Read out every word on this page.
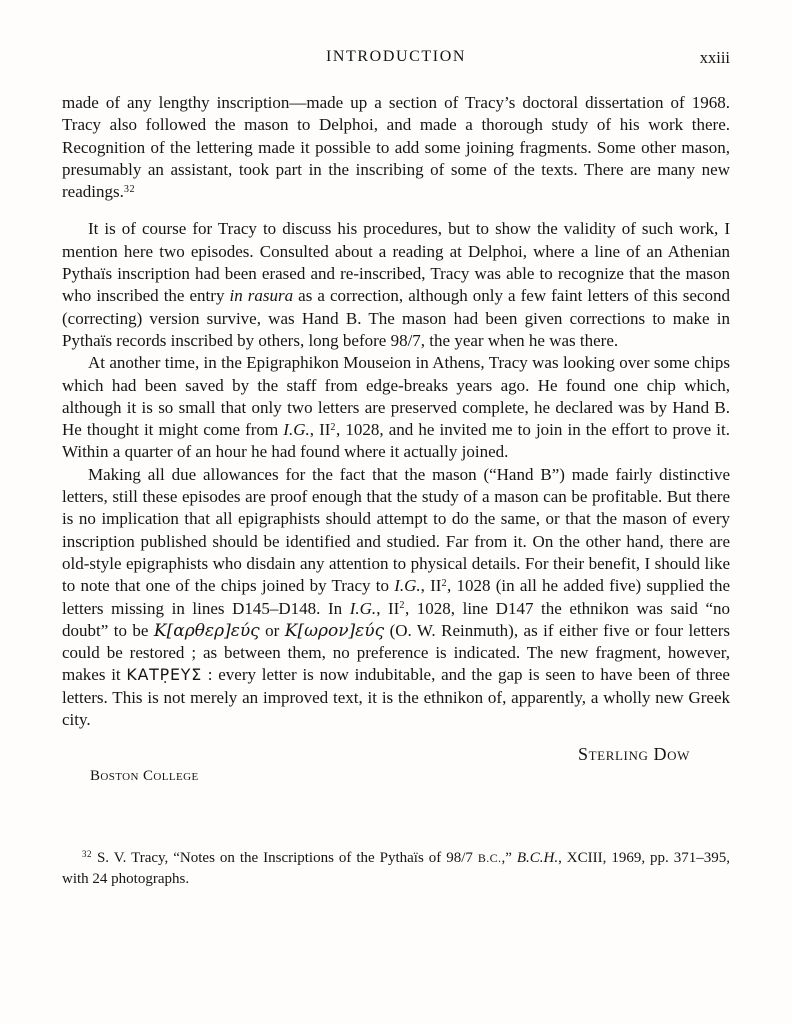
INTRODUCTION	xxiii

made of any lengthy inscription—made up a section of Tracy’s doctoral dissertation of 1968. Tracy also followed the mason to Delphoi, and made a thorough study of his work there. Recognition of the lettering made it possible to add some joining fragments. Some other mason, presumably an assistant, took part in the inscribing of some of the texts. There are many new readings.$^{32}$

It is of course for Tracy to discuss his procedures, but to show the validity of such work, I mention here two episodes. Consulted about a reading at Delphoi, where a line of an Athenian Pythaïs inscription had been erased and re-inscribed, Tracy was able to recognize that the mason who inscribed the entry in rasura as a correction, although only a few faint letters of this second (correcting) version survive, was Hand B. The mason had been given corrections to make in Pythaïs records inscribed by others, long before 98/7, the year when he was there.

At another time, in the Epigraphikon Mouseion in Athens, Tracy was looking over some chips which had been saved by the staff from edge-breaks years ago. He found one chip which, although it is so small that only two letters are preserved complete, he declared was by Hand B. He thought it might come from I.G., $II^2$, 1028, and he invited me to join in the effort to prove it. Within a quarter of an hour he had found where it actually joined.

Making all due allowances for the fact that the mason (“Hand B”) made fairly distinctive letters, still these episodes are proof enough that the study of a mason can be profitable. But there is no implication that all epigraphists should attempt to do the same, or that the mason of every inscription published should be identified and studied. Far from it. On the other hand, there are old-style epigraphists who disdain any attention to physical details. For their benefit, I should like to note that one of the chips joined by Tracy to I.G., $II^2$, 1028 (in all he added five) supplied the letters missing in lines D145–D148. In I.G., $II^2$, 1028, line D147 the ethnikon was said “no doubt” to be K[αρθερ]εύς or K[ωρον]εύς (O. W. Reinmuth), as if either five or four letters could be restored ; as between them, no preference is indicated. The new fragment, however, makes it ΚΑΤΡ̣ΕΥΣ : every letter is now indubitable, and the gap is seen to have been of three letters. This is not merely an improved text, it is the ethnikon of, apparently, a wholly new Greek city.

Sterling Dow
Boston College
$^{32}$ S. V. Tracy, “Notes on the Inscriptions of the Pythaïs of 98/7 B.C.,” B.C.H., XCIII, 1969, pp. 371–395, with 24 photographs.
